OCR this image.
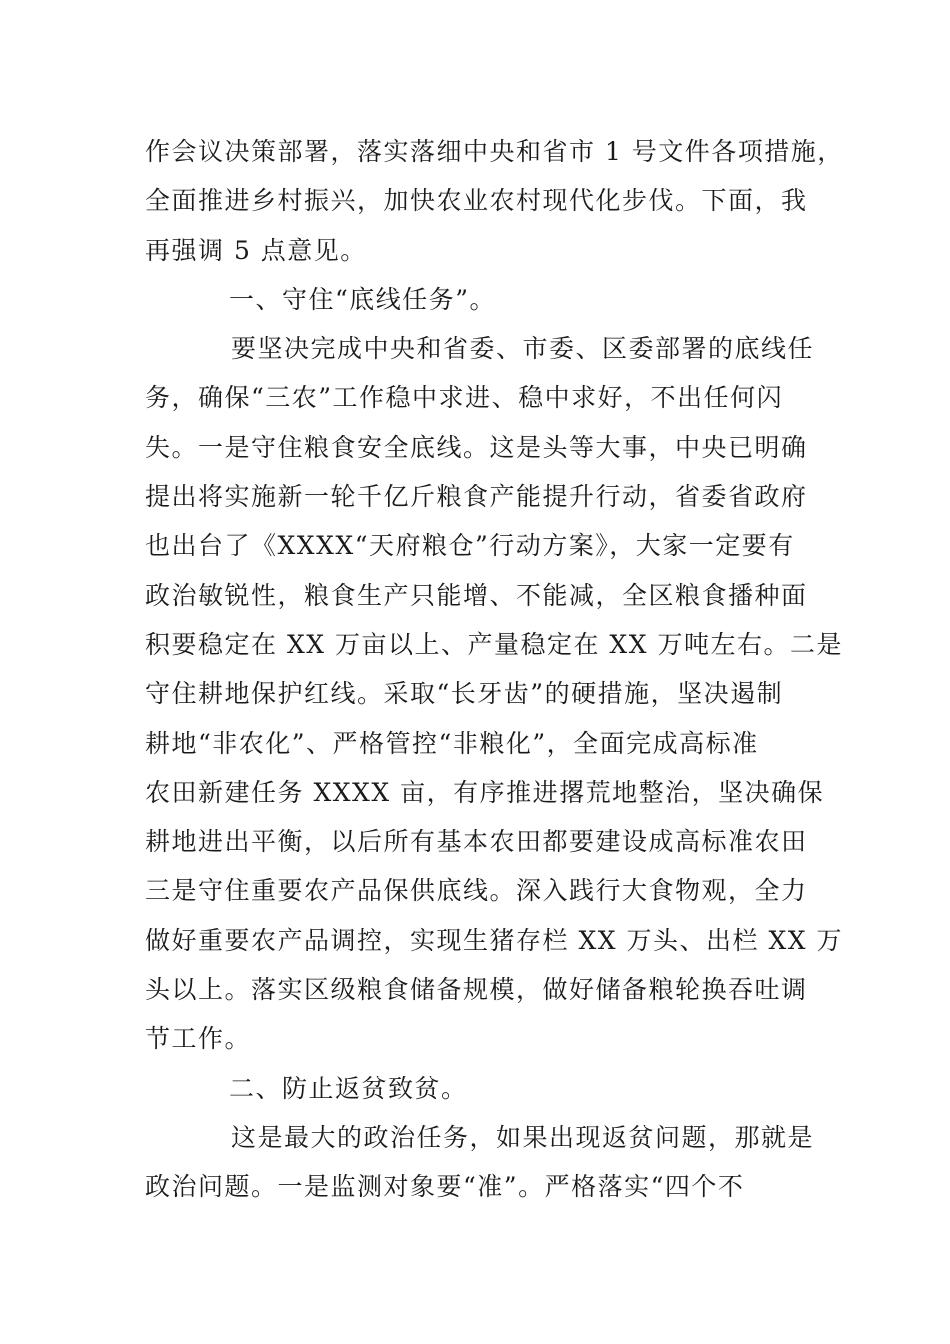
作会议决策部署，落实落细中央和省市 1 号文件各项措施，
全面推进乡村振兴，加快农业农村现代化步伐。下面，我
再强调 5 点意见。
一、守住“底线任务”。
要坚决完成中央和省委、市委、区委部署的底线任
务，确保“三农”工作稳中求进、稳中求好，不出任何闪
失。一是守住粮食安全底线。这是头等大事，中央已明确
提出将实施新一轮千亿斤粮食产能提升行动，省委省政府
也出台了《XXXX“天府粮仓”行动方案》，大家一定要有
政治敏锐性，粮食生产只能增、不能减，全区粮食播种面
积要稳定在 XX 万亩以上、产量稳定在 XX 万吨左右。二是
守住耕地保护红线。采取“长牙齿”的硬措施，坚决遏制
耕地“非农化”、严格管控“非粮化”，全面完成高标准
农田新建任务 XXXX 亩，有序推进撂荒地整治，坚决确保
耕地进出平衡，以后所有基本农田都要建设成高标准农田
三是守住重要农产品保供底线。深入践行大食物观，全力
做好重要农产品调控，实现生猪存栏 XX 万头、出栏 XX 万
头以上。落实区级粮食储备规模，做好储备粮轮换吞吐调
节工作。
二、防止返贫致贫。
这是最大的政治任务，如果出现返贫问题，那就是
政治问题。一是监测对象要“准”。严格落实“四个不
